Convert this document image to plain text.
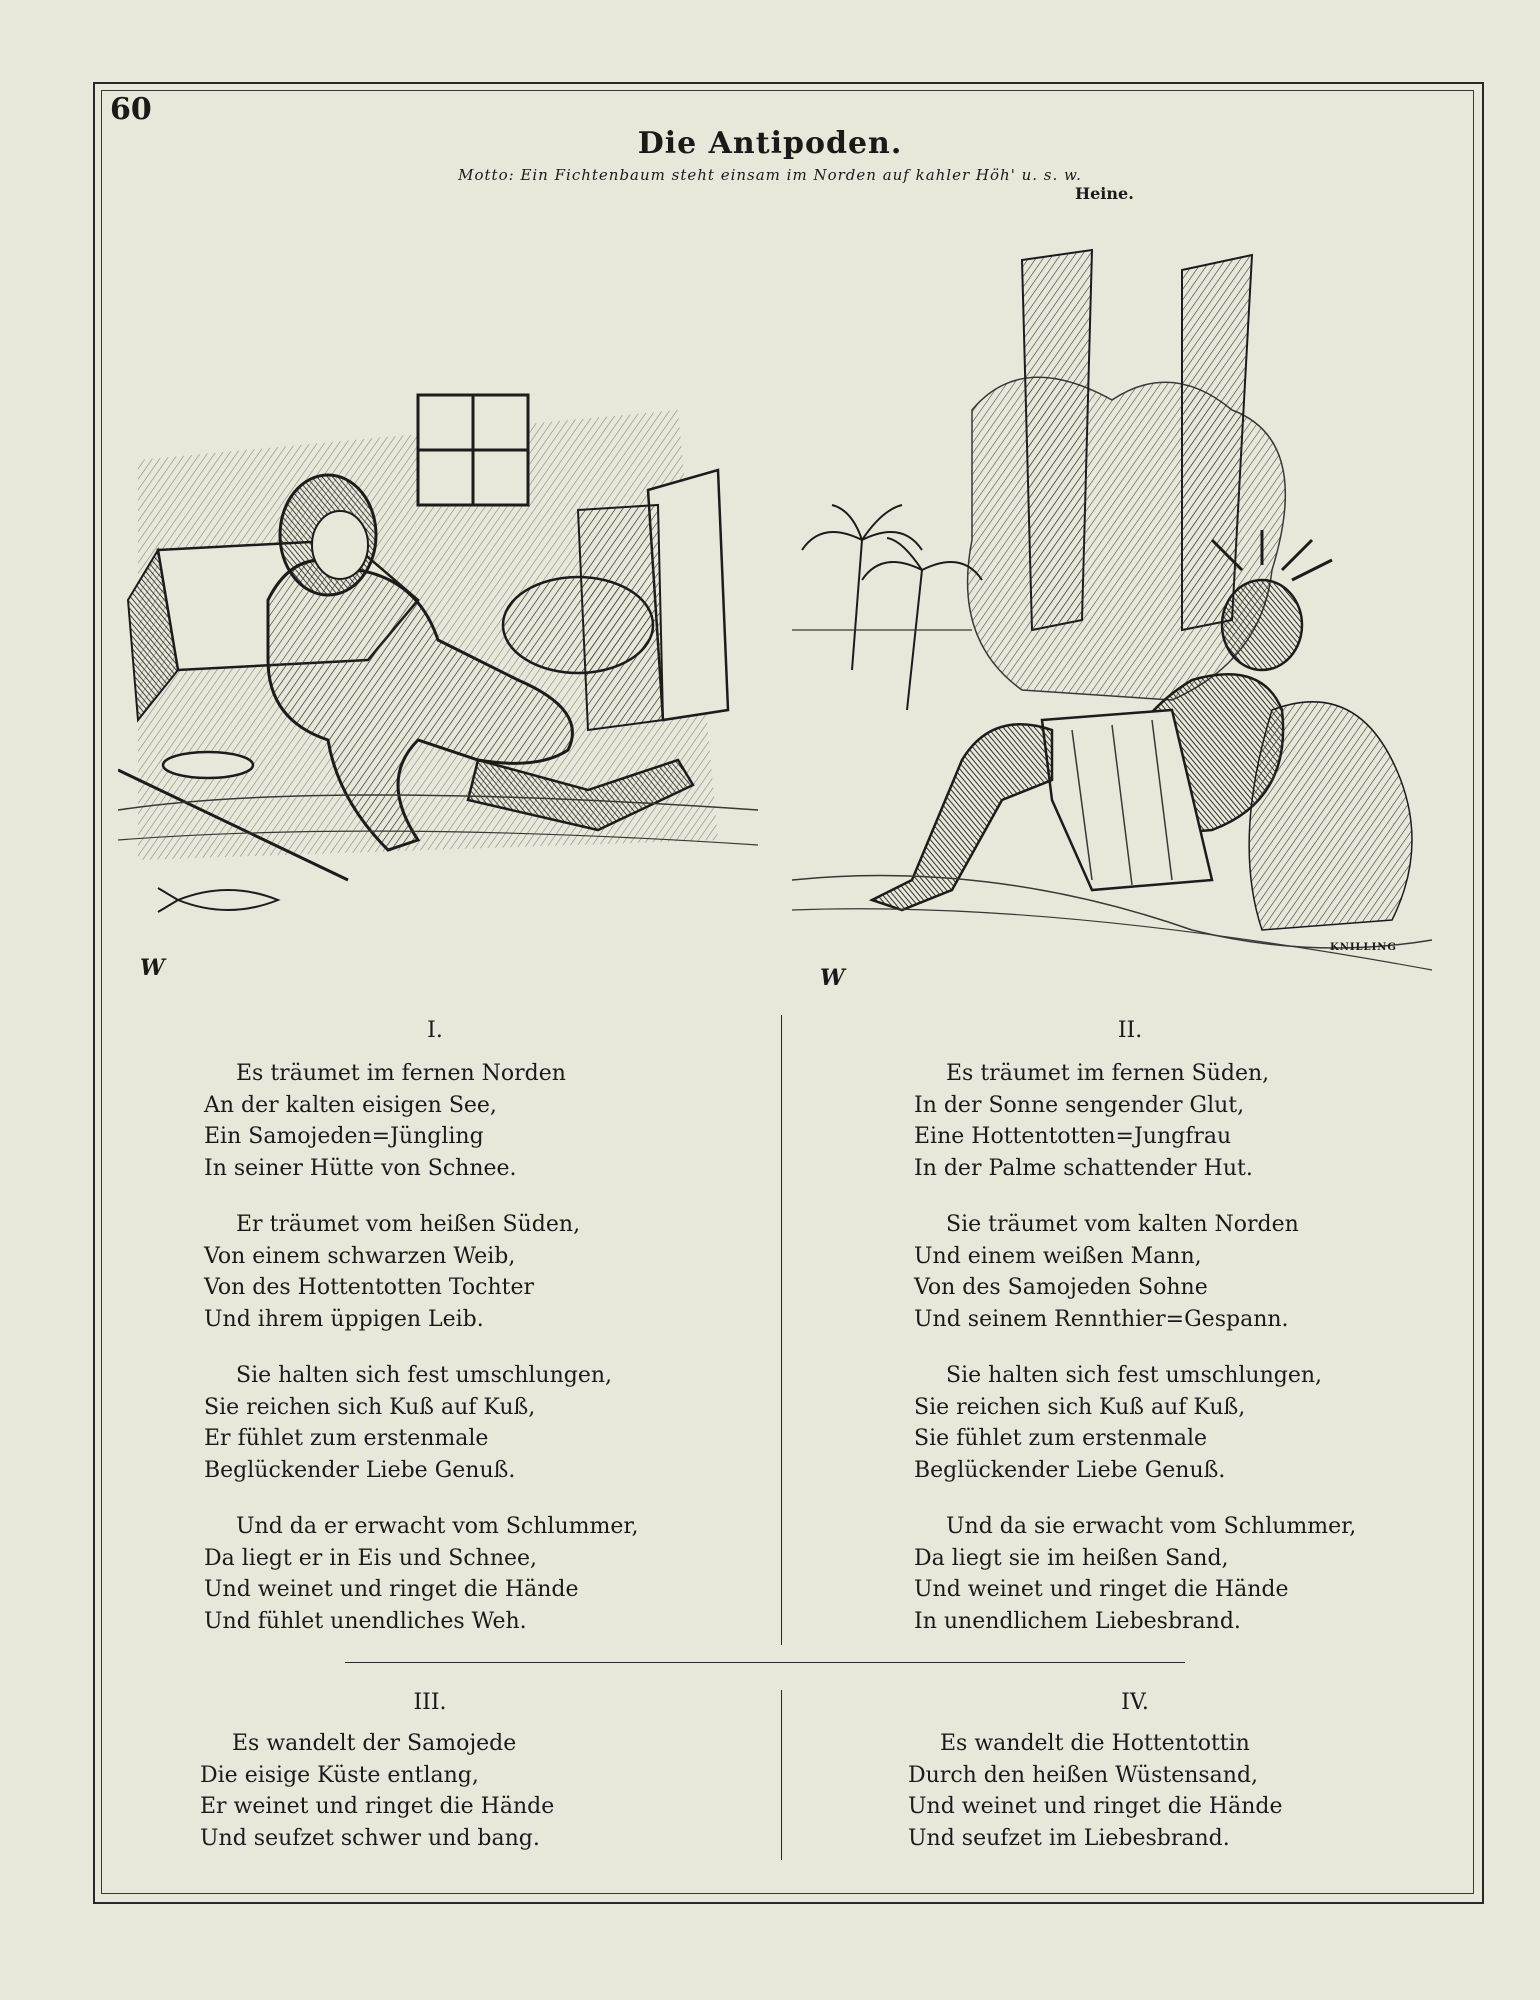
60
Die Antipoden.
Motto: Ein Fichtenbaum steht einsam im Norden auf kahler Höh' u. s. w.
Heine.
W	W
KNILLING
I.
Es träumet im fernen Norden
An der kalten eisigen See,
Ein Samojeden=Jüngling
In seiner Hütte von Schnee.
Er träumet vom heißen Süden,
Von einem schwarzen Weib,
Von des Hottentotten Tochter
Und ihrem üppigen Leib.
Sie halten sich fest umschlungen,
Sie reichen sich Kuß auf Kuß,
Er fühlet zum erstenmale
Beglückender Liebe Genuß.
Und da er erwacht vom Schlummer,
Da liegt er in Eis und Schnee,
Und weinet und ringet die Hände
Und fühlet unendliches Weh.
II.
Es träumet im fernen Süden,
In der Sonne sengender Glut,
Eine Hottentotten=Jungfrau
In der Palme schattender Hut.
Sie träumet vom kalten Norden
Und einem weißen Mann,
Von des Samojeden Sohne
Und seinem Rennthier=Gespann.
Sie halten sich fest umschlungen,
Sie reichen sich Kuß auf Kuß,
Sie fühlet zum erstenmale
Beglückender Liebe Genuß.
Und da sie erwacht vom Schlummer,
Da liegt sie im heißen Sand,
Und weinet und ringet die Hände
In unendlichem Liebesbrand.
III.
Es wandelt der Samojede
Die eisige Küste entlang,
Er weinet und ringet die Hände
Und seufzet schwer und bang.
IV.
Es wandelt die Hottentottin
Durch den heißen Wüstensand,
Und weinet und ringet die Hände
Und seufzet im Liebesbrand.
